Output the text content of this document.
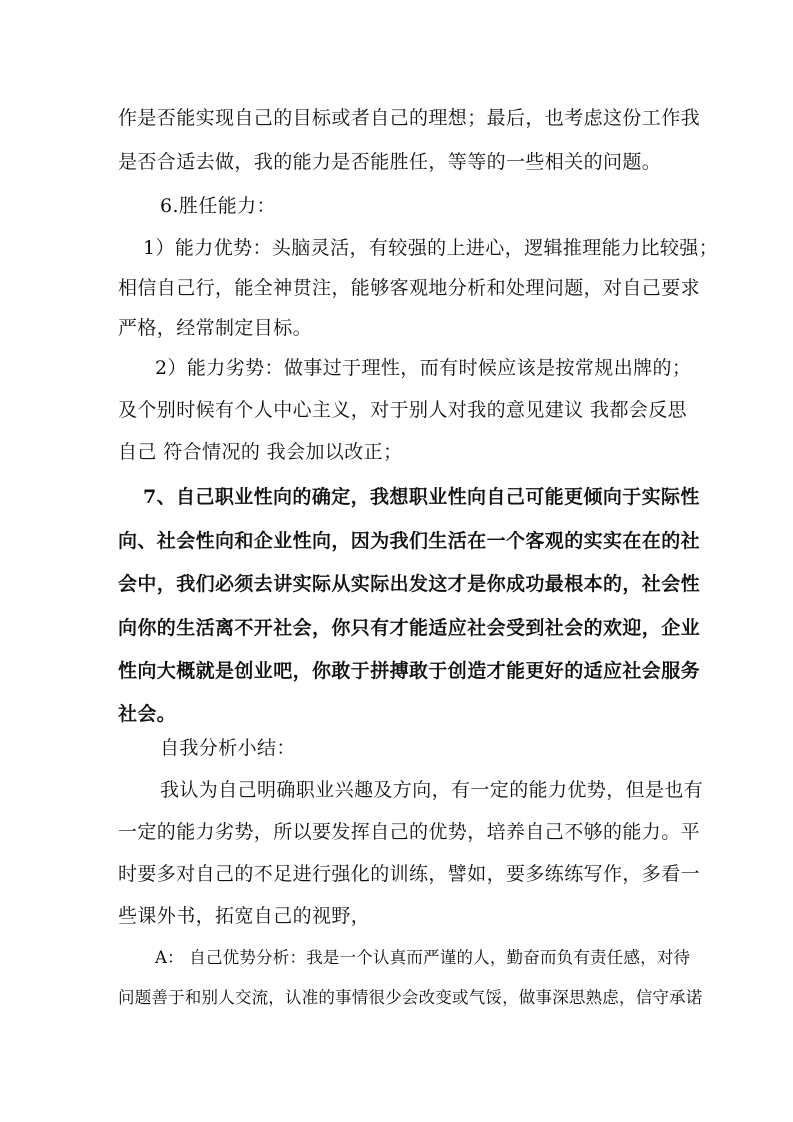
作是否能实现自己的目标或者自己的理想；最后，也考虑这份工作我
是否合适去做，我的能力是否能胜任，等等的一些相关的问题。
6.胜任能力：
1）能力优势：头脑灵活，有较强的上进心，逻辑推理能力比较强；
相信自己行，能全神贯注，能够客观地分析和处理问题，对自己要求
严格，经常制定目标。
2）能力劣势：做事过于理性，而有时候应该是按常规出牌的；
及个别时候有个人中心主义，对于别人对我的意见建议 我都会反思
自己 符合情况的 我会加以改正；
7、自己职业性向的确定，我想职业性向自己可能更倾向于实际性
向、社会性向和企业性向，因为我们生活在一个客观的实实在在的社
会中，我们必须去讲实际从实际出发这才是你成功最根本的，社会性
向你的生活离不开社会，你只有才能适应社会受到社会的欢迎，企业
性向大概就是创业吧，你敢于拼搏敢于创造才能更好的适应社会服务
社会。
自我分析小结：
我认为自己明确职业兴趣及方向，有一定的能力优势，但是也有
一定的能力劣势，所以要发挥自己的优势，培养自己不够的能力。平
时要多对自己的不足进行强化的训练，譬如，要多练练写作，多看一
些课外书，拓宽自己的视野，
A： 自己优势分析：我是一个认真而严谨的人，勤奋而负有责任感，对待
问题善于和别人交流，认准的事情很少会改变或气馁，做事深思熟虑，信守承诺
